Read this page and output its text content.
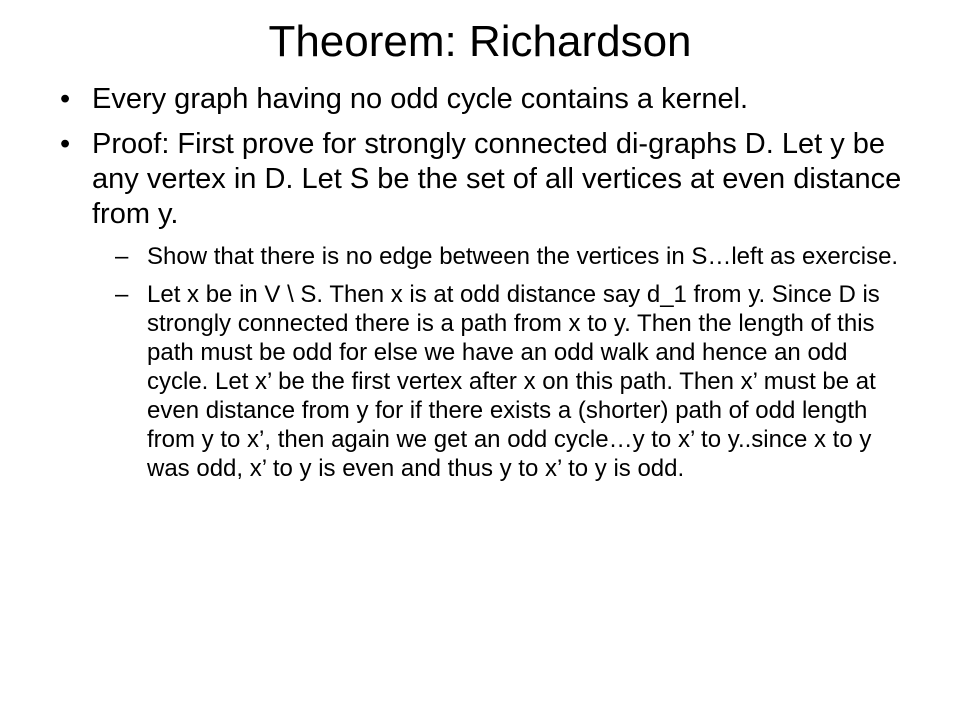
Theorem: Richardson
• Every graph having no odd cycle contains a kernel.
• Proof: First prove for strongly connected di-graphs D. Let y be any vertex in D. Let S be the set of all vertices at even distance from y.
– Show that there is no edge between the vertices in S…left as exercise.
– Let x be in V \ S. Then x is at odd distance say d_1 from y. Since D is strongly connected there is a path from x to y. Then the length of this path must be odd for else we have an odd walk and hence an odd cycle. Let x’ be the first vertex after x on this path. Then x’ must be at even distance from y for if there exists a (shorter) path of odd length from y to x’, then again we get an odd cycle…y to x’ to y..since x to y was odd, x’ to y is even and thus y to x’ to y is odd.
